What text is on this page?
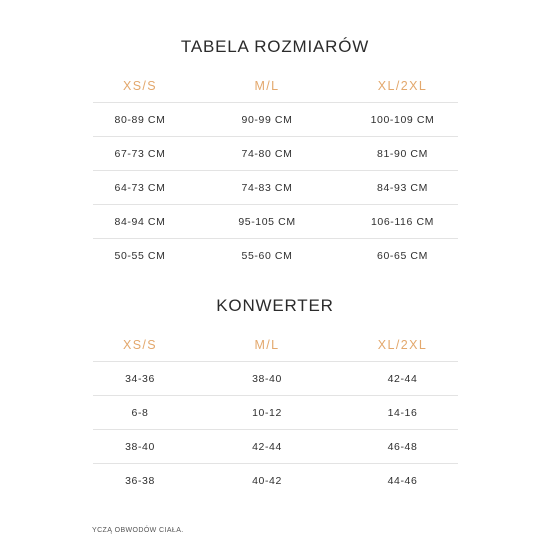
TABELA ROZMIARÓW
XS/S	M/L	XL/2XL
80-89 CM	90-99 CM	100-109 CM
67-73 CM	74-80 CM	81-90 CM
64-73 CM	74-83 CM	84-93 CM
84-94 CM	95-105 CM	106-116 CM
50-55 CM	55-60 CM	60-65 CM
KONWERTER
XS/S	M/L	XL/2XL
34-36	38-40	42-44
6-8	10-12	14-16
38-40	42-44	46-48
36-38	40-42	44-46
YCZĄ OBWODÓW CIAŁA.
